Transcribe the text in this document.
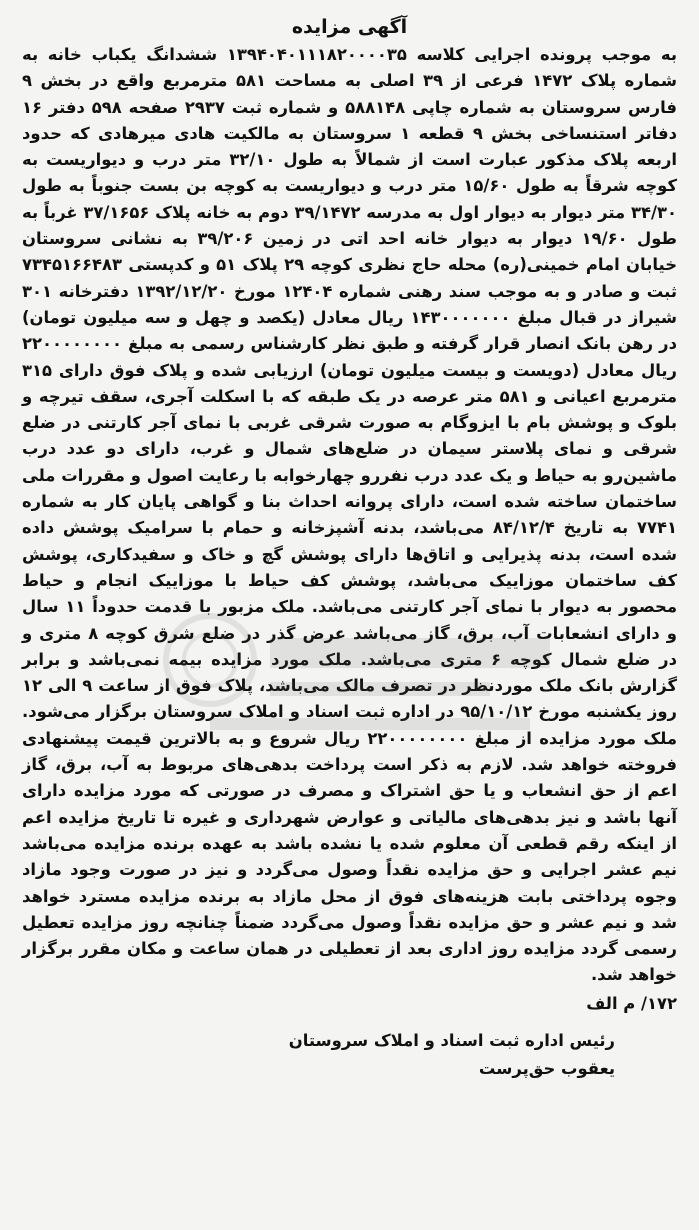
آگهی مزایده

به موجب پرونده اجرایی کلاسه ۱۳۹۴۰۴۰۱۱۱۸۲۰۰۰۰۳۵ ششدانگ یکباب خانه به شماره پلاک ۱۴۷۲ فرعی از ۳۹ اصلی به مساحت ۵۸۱ مترمربع واقع در بخش ۹ فارس سروستان به شماره چاپی ۵۸۸۱۴۸ و شماره ثبت ۲۹۳۷ صفحه ۵۹۸ دفتر ۱۶ دفاتر استنساخی بخش ۹ قطعه ۱ سروستان به مالکیت هادی میرهادی که حدود اربعه پلاک مذکور عبارت است از شمالاً به طول ۳۲/۱۰ متر درب و دیواریست به کوچه شرقاً به طول ۱۵/۶۰ متر درب و دیواریست به کوچه بن بست جنوباً به طول ۳۴/۳۰ متر دیوار به دیوار اول به مدرسه ۳۹/۱۴۷۲ دوم به خانه پلاک ۳۷/۱۶۵۶ غرباً به طول ۱۹/۶۰ دیوار به دیوار خانه احد اتی در زمین ۳۹/۲۰۶ به نشانی سروستان خیابان امام خمینی(ره) محله حاج نظری کوچه ۲۹ پلاک ۵۱ و کدپستی ۷۳۴۵۱۶۶۴۸۳ ثبت و صادر و به موجب سند رهنی شماره ۱۲۴۰۴ مورخ ۱۳۹۲/۱۲/۲۰ دفترخانه ۳۰۱ شیراز در قبال مبلغ ۱۴۳۰۰۰۰۰۰۰ ریال معادل (یکصد و چهل و سه میلیون تومان) در رهن بانک انصار قرار گرفته و طبق نظر کارشناس رسمی به مبلغ ۲۲۰۰۰۰۰۰۰۰ ریال معادل (دویست و بیست میلیون تومان) ارزیابی شده و پلاک فوق دارای ۳۱۵ مترمربع اعیانی و ۵۸۱ متر عرصه در یک طبقه که با اسکلت آجری، سقف تیرچه و بلوک و پوشش بام با ایزوگام به صورت شرقی غربی با نمای آجر کارتنی در ضلع شرقی و نمای پلاستر سیمان در ضلع‌های شمال و غرب، دارای دو عدد درب ماشین‌رو به حیاط و یک عدد درب نفررو چهارخوابه با رعایت اصول و مقررات ملی ساختمان ساخته شده است، دارای پروانه احداث بنا و گواهی پایان کار به شماره ۷۷۴۱ به تاریخ ۸۴/۱۲/۴ می‌باشد، بدنه آشپزخانه و حمام با سرامیک پوشش داده شده است، بدنه پذیرایی و اتاق‌ها دارای پوشش گچ و خاک و سفیدکاری، پوشش کف ساختمان موزاییک می‌باشد، پوشش کف حیاط با موزاییک انجام و حیاط محصور به دیوار با نمای آجر کارتنی می‌باشد. ملک مزبور با قدمت حدوداً ۱۱ سال و دارای انشعابات آب، برق، گاز می‌باشد عرض گذر در ضلع شرق کوچه ۸ متری و در ضلع شمال کوچه ۶ متری می‌باشد. ملک مورد مزایده بیمه نمی‌باشد و برابر گزارش بانک ملک موردنظر در تصرف مالک می‌باشد، پلاک فوق از ساعت ۹ الی ۱۲ روز یکشنبه مورخ ۹۵/۱۰/۱۲ در اداره ثبت اسناد و املاک سروستان برگزار می‌شود. ملک مورد مزایده از مبلغ ۲۲۰۰۰۰۰۰۰۰ ریال شروع و به بالاترین قیمت پیشنهادی فروخته خواهد شد. لازم به ذکر است پرداخت بدهی‌های مربوط به آب، برق، گاز اعم از حق انشعاب و یا حق اشتراک و مصرف در صورتی که مورد مزایده دارای آنها باشد و نیز بدهی‌های مالیاتی و عوارض شهرداری و غیره تا تاریخ مزایده اعم از اینکه رقم قطعی آن معلوم شده یا نشده باشد به عهده برنده مزایده می‌باشد نیم عشر اجرایی و حق مزایده نقداً وصول می‌گردد و نیز در صورت وجود مازاد وجوه پرداختی بابت هزینه‌های فوق از محل مازاد به برنده مزایده مسترد خواهد شد و نیم عشر و حق مزایده نقداً وصول می‌گردد ضمناً چنانچه روز مزایده تعطیل رسمی گردد مزایده روز اداری بعد از تعطیلی در همان ساعت و مکان مقرر برگزار خواهد شد.

۱۷۲/ م الف
رئیس اداره ثبت اسناد و املاک سروستان
یعقوب حق‌پرست
